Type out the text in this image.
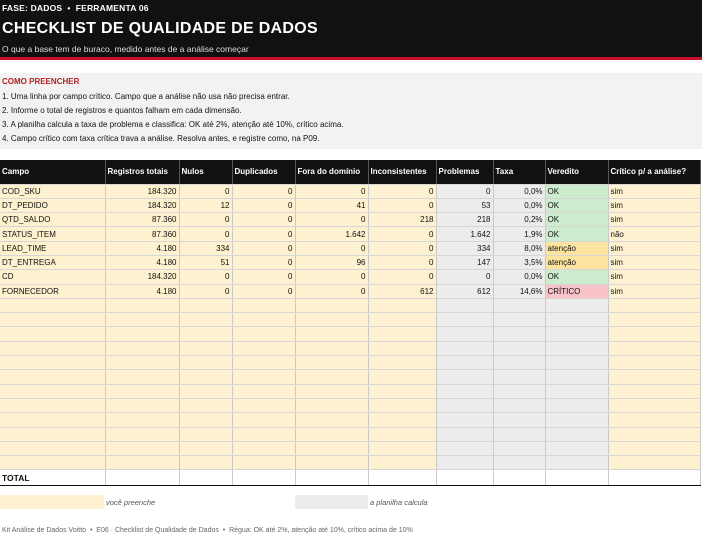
FASE: DADOS  •  FERRAMENTA 06
CHECKLIST DE QUALIDADE DE DADOS
O que a base tem de buraco, medido antes de a análise começar
COMO PREENCHER
1. Uma linha por campo crítico. Campo que a análise não usa não precisa entrar.
2. Informe o total de registros e quantos falham em cada dimensão.
3. A planilha calcula a taxa de problema e classifica: OK até 2%, atenção até 10%, crítico acima.
4. Campo crítico com taxa crítica trava a análise. Resolva antes, e registre como, na P09.
Campo	Registros totais	Nulos	Duplicados	Fora do domínio	Inconsistentes	Problemas	Taxa	Veredito	Crítico p/ a análise?
COD_SKU	184.320	0	0	0	0	0	0,0%	OK	sim
DT_PEDIDO	184.320	12	0	41	0	53	0,0%	OK	sim
QTD_SALDO	87.360	0	0	0	218	218	0,2%	OK	sim
STATUS_ITEM	87.360	0	0	1.642	0	1.642	1,9%	OK	não
LEAD_TIME	4.180	334	0	0	0	334	8,0%	atenção	sim
DT_ENTREGA	4.180	51	0	96	0	147	3,5%	atenção	sim
CD	184.320	0	0	0	0	0	0,0%	OK	sim
FORNECEDOR	4.180	0	0	0	612	612	14,6%	CRÍTICO	sim

TOTAL									
você preenche	a planilha calcula
Kit Análise de Dados Voitto  •  E06 · Checklist de Qualidade de Dados  •  Régua: OK até 2%, atenção até 10%, crítico acima de 10%
